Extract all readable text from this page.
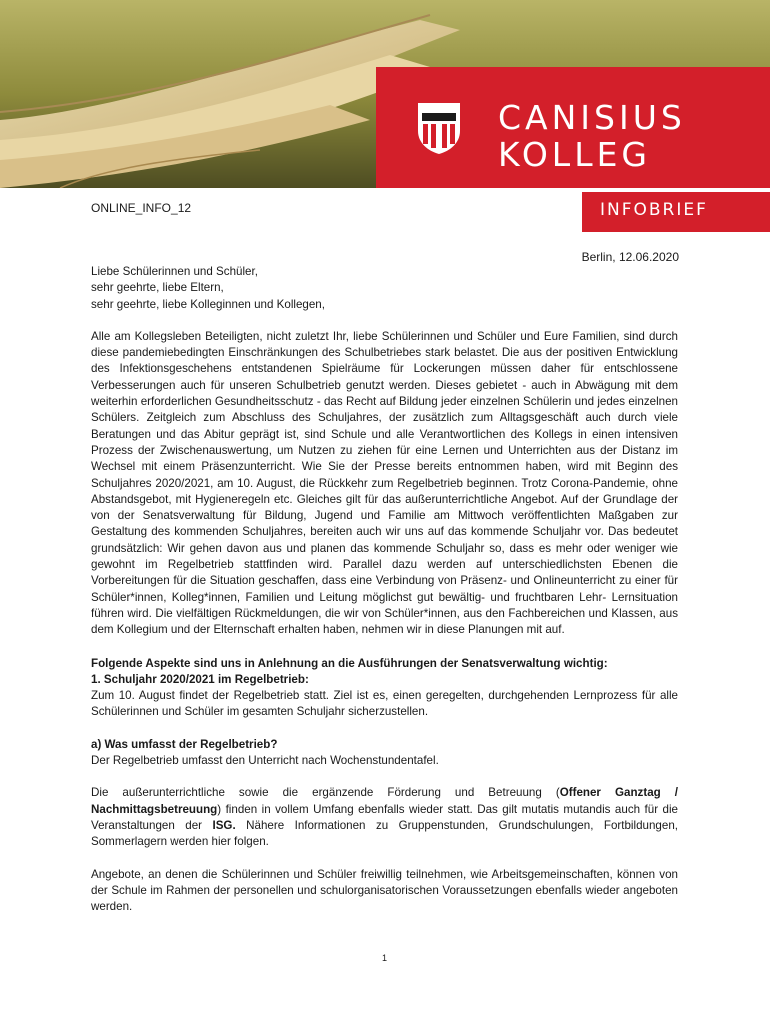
CANISIUS
KOLLEG
INFOBRIEF
ONLINE_INFO_12
Berlin, 12.06.2020

Liebe Schülerinnen und Schüler,

sehr geehrte, liebe Eltern,

sehr geehrte, liebe Kolleginnen und Kollegen,

Alle am Kollegsleben Beteiligten, nicht zuletzt Ihr, liebe Schülerinnen und Schüler und Eure Familien, sind durch diese pandemiebedingten Einschränkungen des Schulbetriebes stark belastet. Die aus der positiven Entwicklung des Infektionsgeschehens entstandenen Spielräume für Lockerungen müssen daher für entschlossene Verbesserungen auch für unseren Schulbetrieb genutzt werden. Dieses gebietet - auch in Abwägung mit dem weiterhin erforderlichen Gesundheitsschutz - das Recht auf Bildung jeder einzelnen Schülerin und jedes einzelnen Schülers. Zeitgleich zum Abschluss des Schuljahres, der zusätzlich zum Alltagsgeschäft auch durch viele Beratungen und das Abitur geprägt ist, sind Schule und alle Verantwortlichen des Kollegs in einen intensiven Prozess der Zwischenauswertung, um Nutzen zu ziehen für eine Lernen und Unterrichten aus der Distanz im Wechsel mit einem Präsenzunterricht. Wie Sie der Presse bereits entnommen haben, wird mit Beginn des Schuljahres 2020/2021, am 10. August, die Rückkehr zum Regelbetrieb beginnen. Trotz Corona-Pandemie, ohne Abstandsgebot, mit Hygieneregeln etc. Gleiches gilt für das außerunterrichtliche Angebot. Auf der Grundlage der von der Senatsverwaltung für Bildung, Jugend und Familie am Mittwoch veröffentlichten Maßgaben zur Gestaltung des kommenden Schuljahres, bereiten auch wir uns auf das kommende Schuljahr vor. Das bedeutet grundsätzlich: Wir gehen davon aus und planen das kommende Schuljahr so, dass es mehr oder weniger wie gewohnt im Regelbetrieb stattfinden wird. Parallel dazu werden auf unterschiedlichsten Ebenen die Vorbereitungen für die Situation geschaffen, dass eine Verbindung von Präsenz- und Onlineunterricht zu einer für Schüler*innen, Kolleg*innen, Familien und Leitung möglichst gut bewältig- und fruchtbaren Lehr- Lernsituation führen wird. Die vielfältigen Rückmeldungen, die wir von Schüler*innen, aus den Fachbereichen und Klassen, aus dem Kollegium und der Elternschaft erhalten haben, nehmen wir in diese Planungen mit auf.

Folgende Aspekte sind uns in Anlehnung an die Ausführungen der Senatsverwaltung wichtig:

1. Schuljahr 2020/2021 im Regelbetrieb:

Zum 10. August findet der Regelbetrieb statt. Ziel ist es, einen geregelten, durchgehenden Lernprozess für alle Schülerinnen und Schüler im gesamten Schuljahr sicherzustellen.

a) Was umfasst der Regelbetrieb?

Der Regelbetrieb umfasst den Unterricht nach Wochenstundentafel.

Die außerunterrichtliche sowie die ergänzende Förderung und Betreuung (Offener Ganztag / Nachmittagsbetreuung) finden in vollem Umfang ebenfalls wieder statt. Das gilt mutatis mutandis auch für die Veranstaltungen der ISG. Nähere Informationen zu Gruppenstunden, Grundschulungen, Fortbildungen, Sommerlagern werden hier folgen.

Angebote, an denen die Schülerinnen und Schüler freiwillig teilnehmen, wie Arbeitsgemeinschaften, können von der Schule im Rahmen der personellen und schulorganisatorischen Voraussetzungen ebenfalls wieder angeboten werden.

1
